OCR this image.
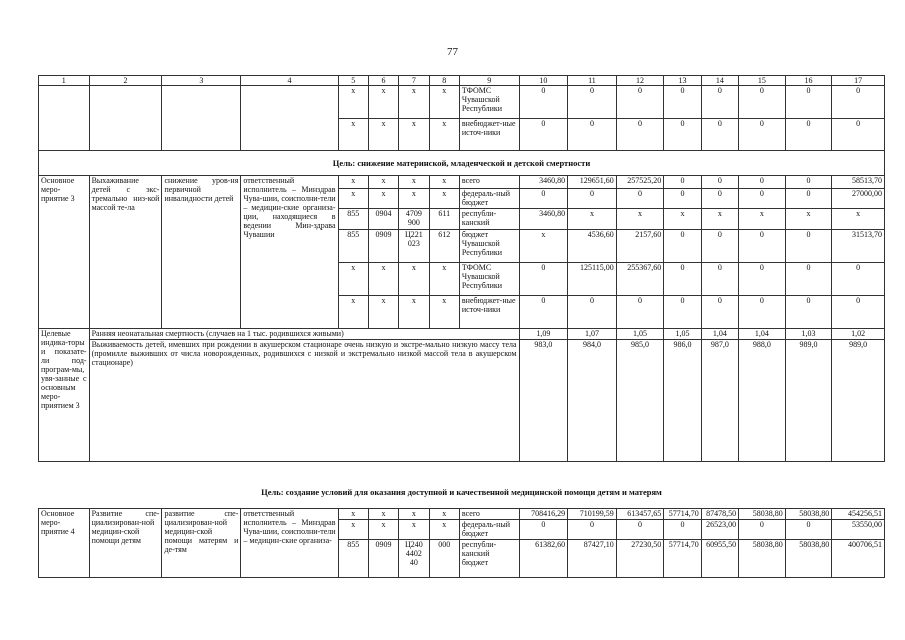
77
1	2	3	4	5	6	7	8	9	10	11	12	13	14	15	16	17
				x	x	x	x	ТФОМС Чувашской Республики	0	0	0	0	0	0	0	0
				x	x	x	x	внебюджет-ные источ-ники	0	0	0	0	0	0	0	0
Цель: снижение материнской, младенческой и детской смертности																
Основное меро-приятие 3	Выхаживание детей с экс-тремально низ-кой массой те-ла	снижение уров-ня первичной инвалидности детей	ответственный исполнитель – Минздрав Чува-шии, соисполни-тели – медицин-ские организа-ции, находящиеся в ведении Мин-здрава Чувашии	x	x	x	x	всего	3460,80	129651,60	257525,20	0	0	0	0	58513,70
				x	x	x	x	федераль-ный бюджет	0	0	0	0	0	0	0	27000,00
				855	0904	4709 900	611	республи-канский	3460,80	x	x	x	x	x	x	x
				855	0909	Ц221 023	612	бюджет Чувашской Республики	x	4536,60	2157,60	0	0	0	0	31513,70
				x	x	x	x	ТФОМС Чувашской Республики	0	125115,00	255367,60	0	0	0	0	0
				x	x	x	x	внебюджет-ные источ-ники	0	0	0	0	0	0	0	0
Целевые индика-торы и показате-ли под-програм-мы, увя-занные с основным меро-приятием 3	Ранняя неонатальная смертность (случаев на 1 тыс. родившихся живыми)								1,09	1,07	1,05	1,05	1,04	1,04	1,03	1,02
	Выживаемость детей, имевших при рождении в акушерском стационаре очень низкую и экстре-мально низкую массу тела (промилле выживших от числа новорожденных, родившихся с низкой и экстремально низкой массой тела в акушерском стационаре)								983,0	984,0	985,0	986,0	987,0	988,0	989,0	989,0
Цель: создание условий для оказания доступной и качественной медицинской помощи детям и матерям
Основное меро-приятие 4	Развитие спе-циализирован-ной медицин-ской помощи детям	развитие спе-циализирован-ной медицин-ской помощи матерям и де-тям	ответственный исполнитель – Минздрав Чува-шии, соисполни-тели – медицин-ские организа-	x	x	x	x	всего	708416,29	710199,59	613457,65	57714,70	87478,50	58038,80	58038,80	454256,51
				x	x	x	x	федераль-ный бюджет	0	0	0	0	26523,00	0	0	53550,00
				855	0909	Ц240 4402 40	000	республи-канский бюджет	61382,60	87427,10	27230,50	57714,70	60955,50	58038,80	58038,80	400706,51
